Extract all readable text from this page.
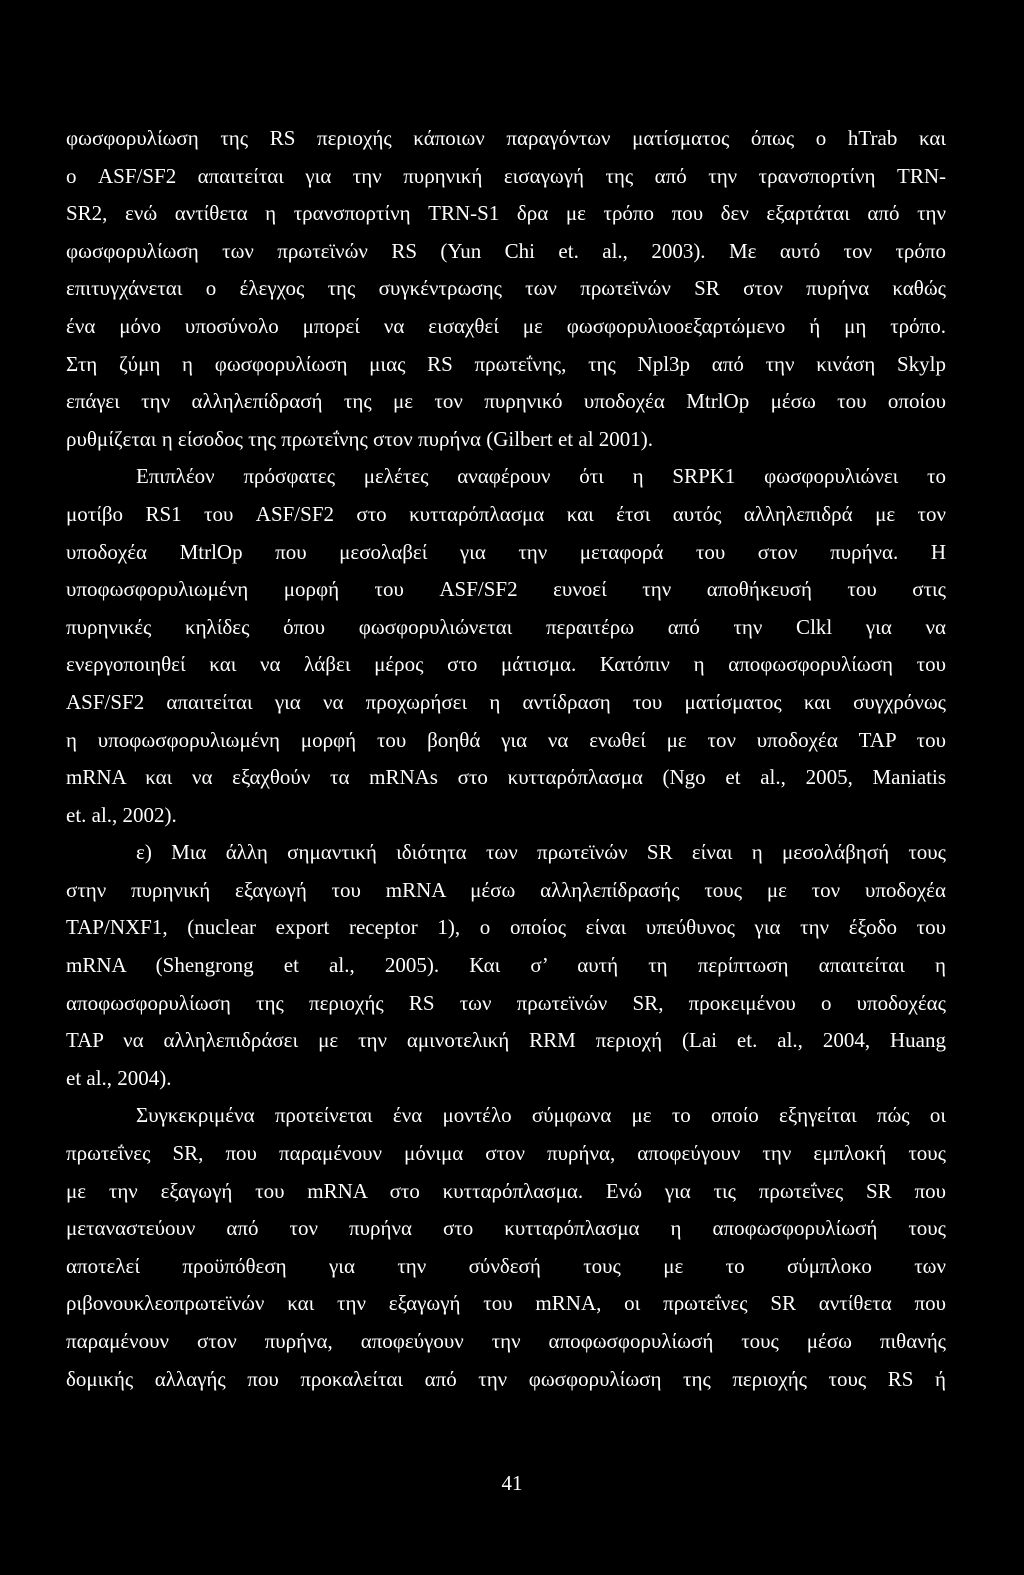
φωσφορυλίωση της RS περιοχής κάποιων παραγόντων ματίσματος όπως ο hTrab και
ο ASF/SF2 απαιτείται για την πυρηνική εισαγωγή της από την τρανσπορτίνη TRN-
SR2, ενώ αντίθετα η τρανσπορτίνη TRN-S1 δρα με τρόπο που δεν εξαρτάται από την
φωσφορυλίωση των πρωτεϊνών RS (Yun Chi et. al., 2003). Με αυτό τον τρόπο
επιτυγχάνεται ο έλεγχος της συγκέντρωσης των πρωτεϊνών SR στον πυρήνα καθώς
ένα μόνο υποσύνολο μπορεί να εισαχθεί με φωσφορυλιοοεξαρτώμενο ή μη τρόπο.
Στη ζύμη η φωσφορυλίωση μιας RS πρωτεΐνης, της Npl3p από την κινάση Skylp
επάγει την αλληλεπίδρασή της με τον πυρηνικό υποδοχέα MtrlOp μέσω του οποίου
ρυθμίζεται η είσοδος της πρωτεΐνης στον πυρήνα (Gilbert et al 2001).
Επιπλέον πρόσφατες μελέτες αναφέρουν ότι η SRPK1 φωσφορυλιώνει το
μοτίβο RS1 του ASF/SF2 στο κυτταρόπλασμα και έτσι αυτός αλληλεπιδρά με τον
υποδοχέα MtrlOp που μεσολαβεί για την μεταφορά του στον πυρήνα. Η
υποφωσφορυλιωμένη μορφή του ASF/SF2 ευνοεί την αποθήκευσή του στις
πυρηνικές κηλίδες όπου φωσφορυλιώνεται περαιτέρω από την Clkl για να
ενεργοποιηθεί και να λάβει μέρος στο μάτισμα. Κατόπιν η αποφωσφορυλίωση του
ASF/SF2 απαιτείται για να προχωρήσει η αντίδραση του ματίσματος και συγχρόνως
η υποφωσφορυλιωμένη μορφή του βοηθά για να ενωθεί με τον υποδοχέα TAP του
mRNA και να εξαχθούν τα mRNAs στο κυτταρόπλασμα (Ngo et al., 2005, Maniatis
et. al., 2002).
ε) Μια άλλη σημαντική ιδιότητα των πρωτεϊνών SR είναι η μεσολάβησή τους
στην πυρηνική εξαγωγή του mRNA μέσω αλληλεπίδρασής τους με τον υποδοχέα
TAP/NXF1, (nuclear export receptor 1), ο οποίος είναι υπεύθυνος για την έξοδο του
mRNA (Shengrong et al., 2005). Και σ’ αυτή τη περίπτωση απαιτείται η
αποφωσφορυλίωση της περιοχής RS των πρωτεϊνών SR, προκειμένου ο υποδοχέας
TAP να αλληλεπιδράσει με την αμινοτελική RRM περιοχή (Lai et. al., 2004, Huang
et al., 2004).
Συγκεκριμένα προτείνεται ένα μοντέλο σύμφωνα με το οποίο εξηγείται πώς οι
πρωτεΐνες SR, που παραμένουν μόνιμα στον πυρήνα, αποφεύγουν την εμπλοκή τους
με την εξαγωγή του mRNA στο κυτταρόπλασμα. Ενώ για τις πρωτεΐνες SR που
μεταναστεύουν από τον πυρήνα στο κυτταρόπλασμα η αποφωσφορυλίωσή τους
αποτελεί προϋπόθεση για την σύνδεσή τους με το σύμπλοκο των
ριβονουκλεοπρωτεϊνών και την εξαγωγή του mRNA, οι πρωτεΐνες SR αντίθετα που
παραμένουν στον πυρήνα, αποφεύγουν την αποφωσφορυλίωσή τους μέσω πιθανής
δομικής αλλαγής που προκαλείται από την φωσφορυλίωση της περιοχής τους RS ή
41
